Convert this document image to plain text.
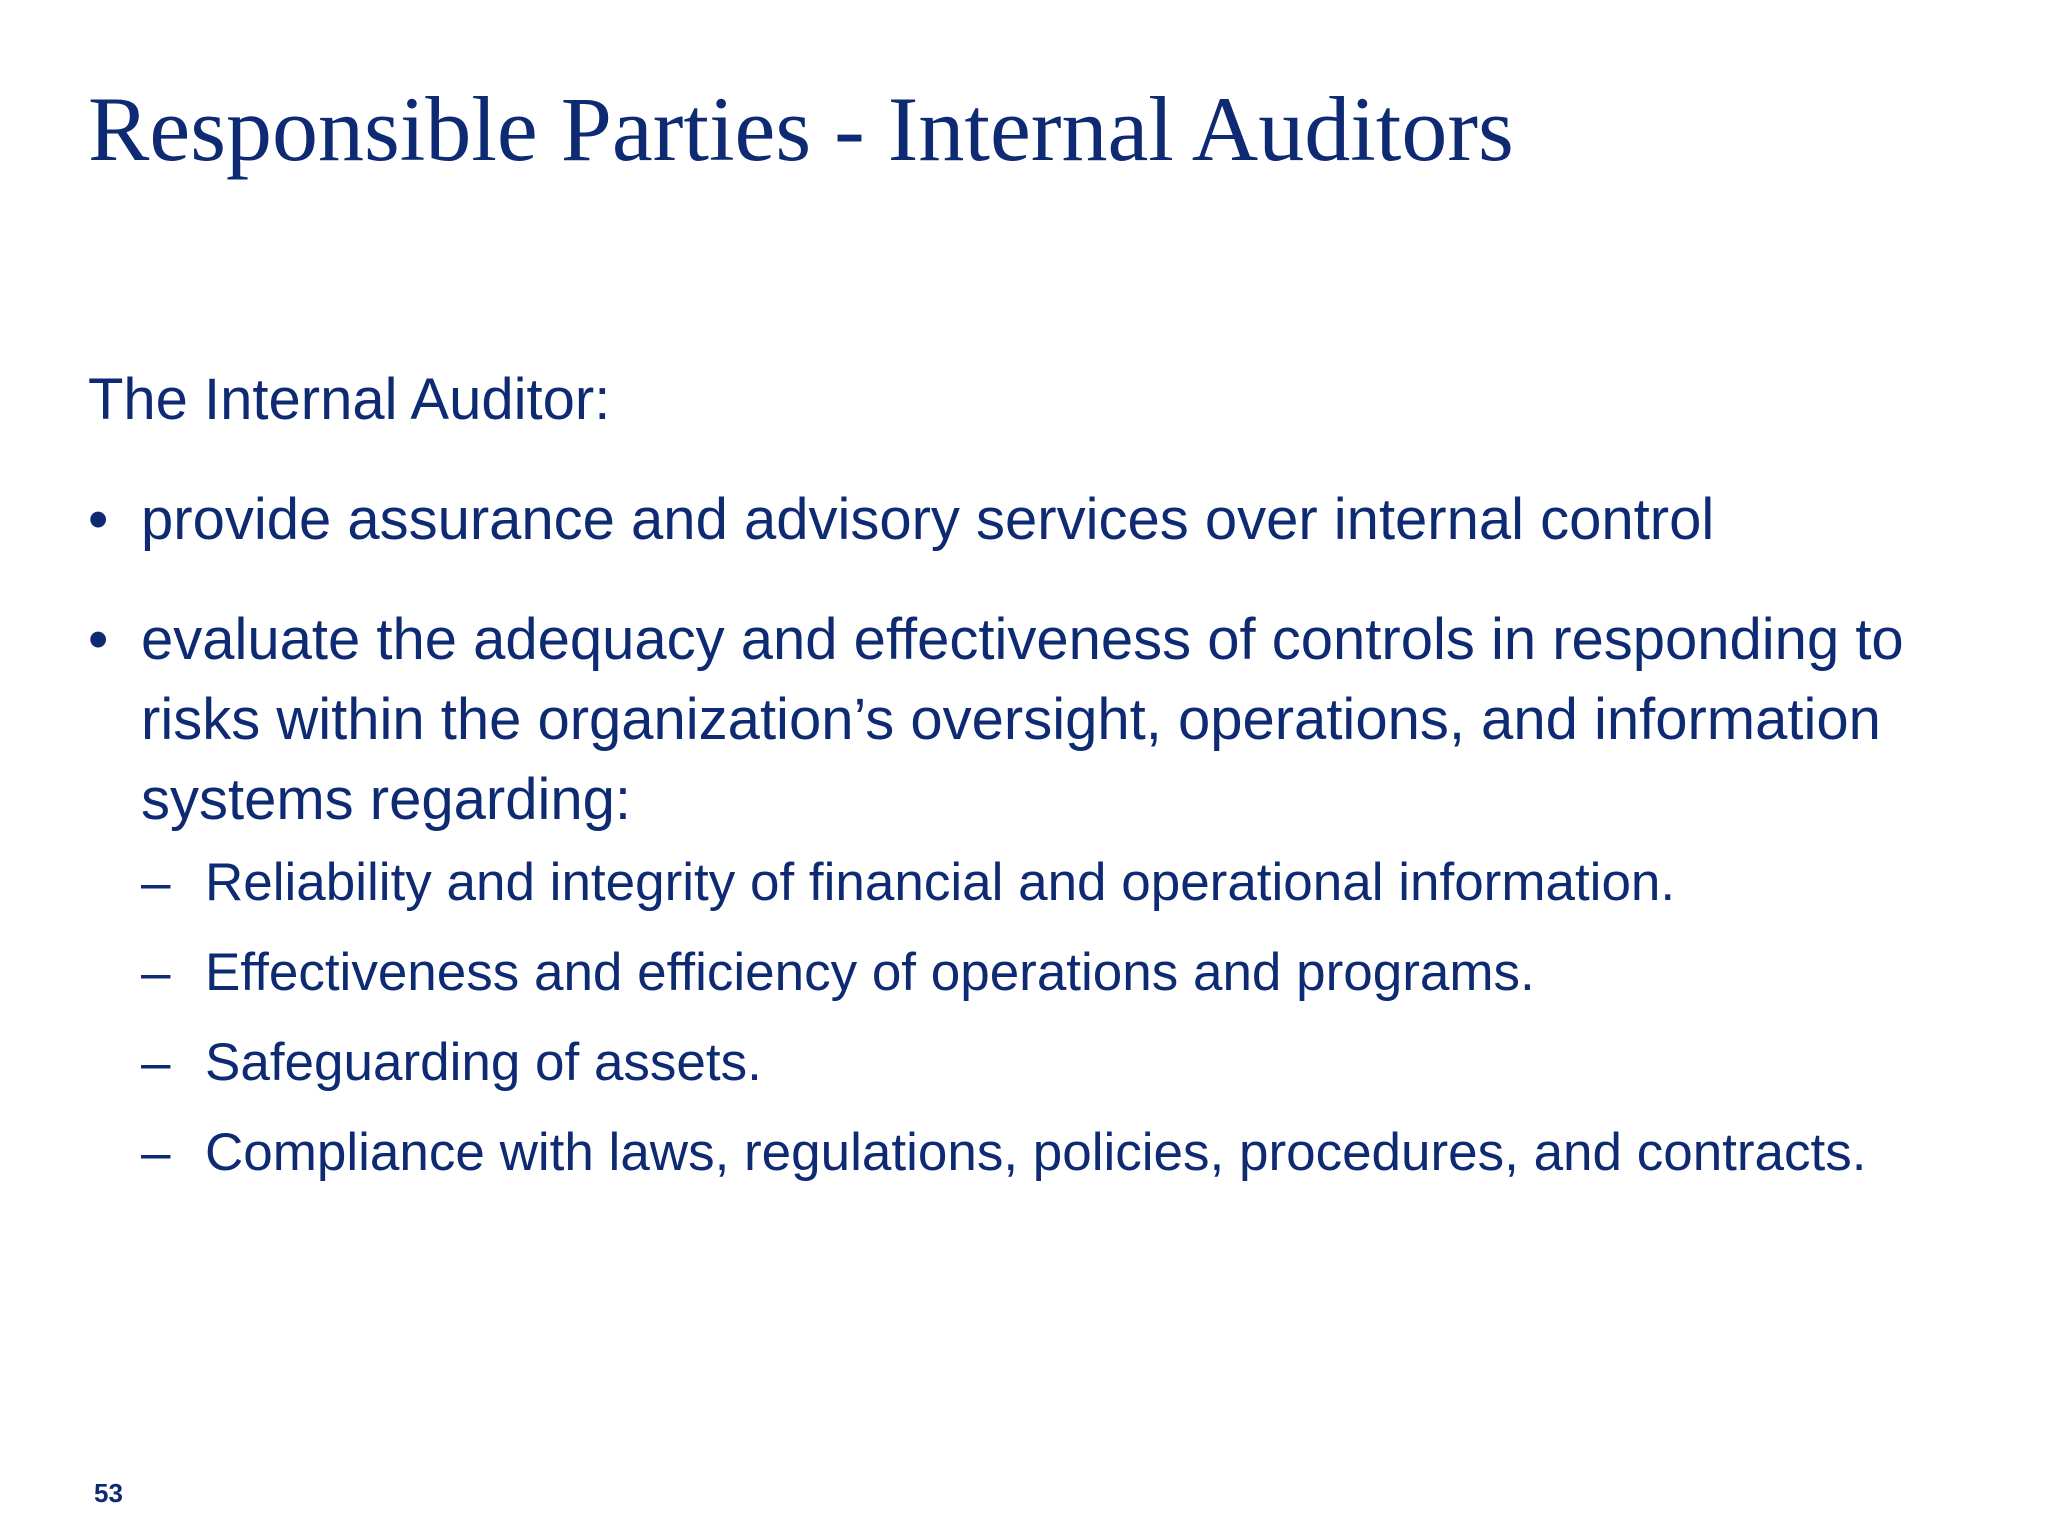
Responsible Parties - Internal Auditors

The Internal Auditor:

• provide assurance and advisory services over internal control
• evaluate the adequacy and effectiveness of controls in responding to risks within the organization’s oversight, operations, and information systems regarding:
– Reliability and integrity of financial and operational information.
– Effectiveness and efficiency of operations and programs.
– Safeguarding of assets.
– Compliance with laws, regulations, policies, procedures, and contracts.
53
